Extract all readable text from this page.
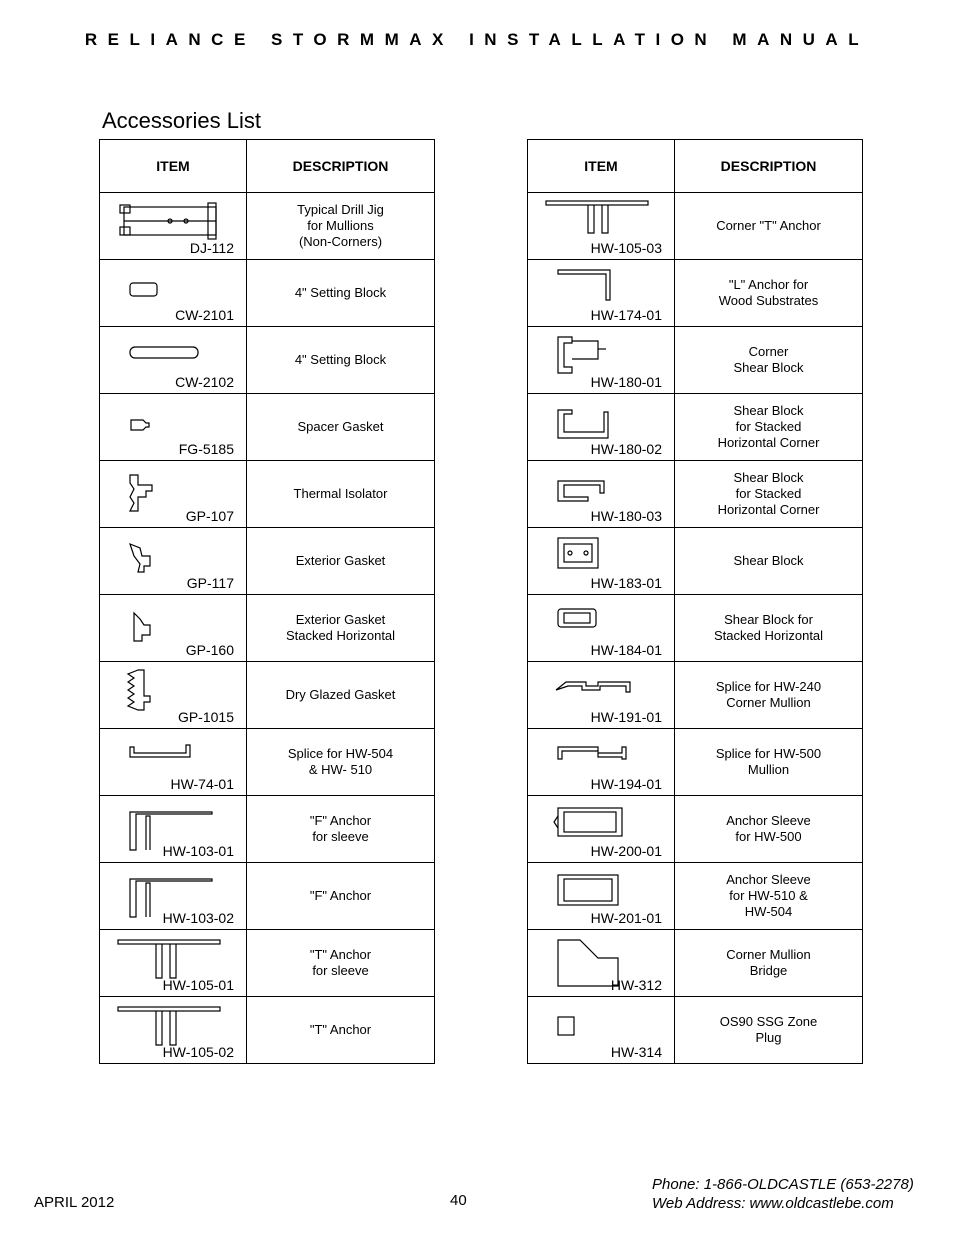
RELIANCE STORMMAX INSTALLATION MANUAL
Accessories List
ITEM	DESCRIPTION

DJ-112	Typical Drill Jig
for Mullions
(Non-Corners)

CW-2101	4" Setting Block

CW-2102	4" Setting Block

FG-5185	Spacer Gasket

GP-107	Thermal Isolator

GP-117	Exterior Gasket

GP-160	Exterior Gasket
Stacked Horizontal

GP-1015	Dry Glazed Gasket

HW-74-01	Splice for HW-504
& HW- 510

HW-103-01	"F" Anchor
for sleeve

HW-103-02	"F" Anchor

HW-105-01	"T" Anchor
for sleeve

HW-105-02	"T" Anchor
ITEM	DESCRIPTION

HW-105-03	Corner "T" Anchor

HW-174-01	"L" Anchor for
Wood Substrates

HW-180-01	Corner
Shear Block

HW-180-02	Shear Block
for Stacked
Horizontal Corner

HW-180-03	Shear Block
for Stacked
Horizontal Corner

HW-183-01	Shear Block

HW-184-01	Shear Block for
Stacked Horizontal

HW-191-01	Splice for HW-240
Corner Mullion

HW-194-01	Splice for HW-500
Mullion

HW-200-01	Anchor Sleeve
for HW-500

HW-201-01	Anchor Sleeve
for HW-510 &
HW-504

HW-312	Corner Mullion
Bridge

HW-314	OS90 SSG Zone
Plug
APRIL 2012	40
Phone: 1-866-OLDCASTLE (653-2278)
Web Address: www.oldcastlebe.com
